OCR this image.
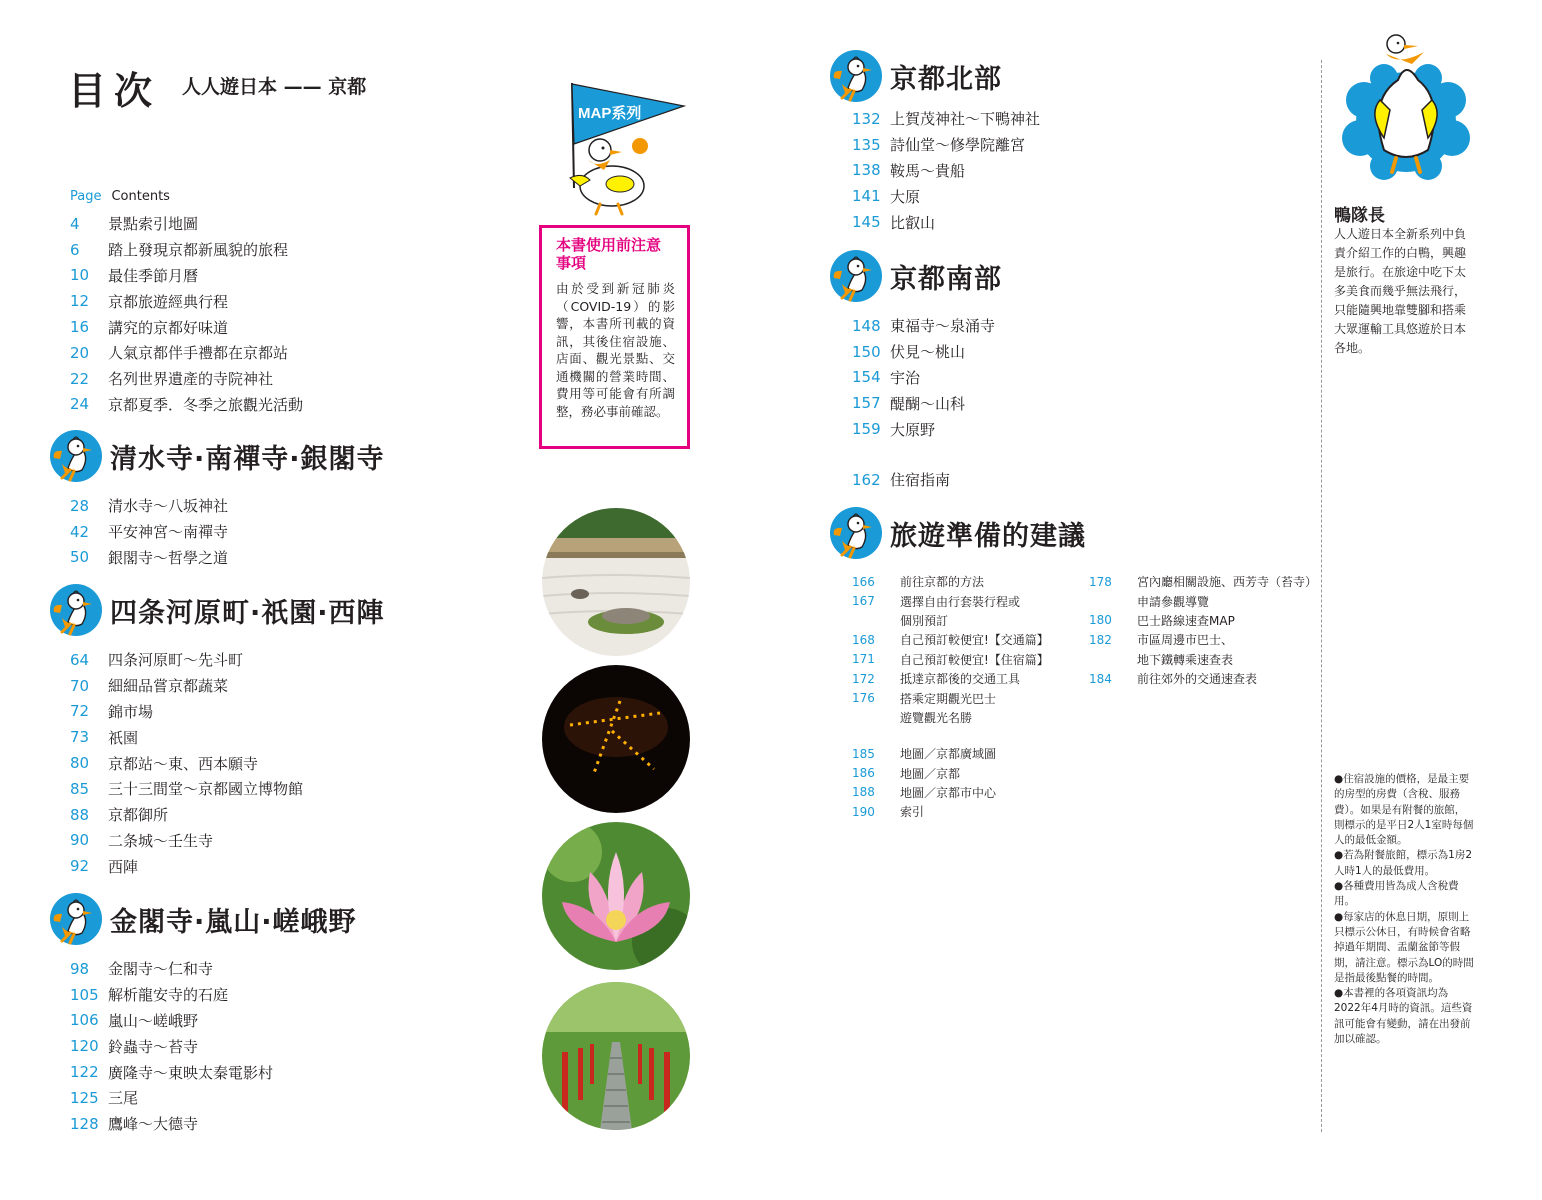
目次 人人遊日本 —— 京都
Page Contents
4	景點索引地圖
6	踏上發現京都新風貌的旅程
10	最佳季節月曆
12	京都旅遊經典行程
16	講究的京都好味道
20	人氣京都伴手禮都在京都站
22	名列世界遺產的寺院神社
24	京都夏季．冬季之旅觀光活動
清水寺·南禪寺·銀閣寺
28	清水寺～八坂神社
42	平安神宮～南禪寺
50	銀閣寺～哲學之道
四条河原町·祇園·西陣
64	四条河原町～先斗町
70	細細品嘗京都蔬菜
72	錦市場
73	祇園
80	京都站～東、西本願寺
85	三十三間堂～京都國立博物館
88	京都御所
90	二条城～壬生寺
92	西陣
金閣寺·嵐山·嵯峨野
98	金閣寺～仁和寺
105 解析龍安寺的石庭
106 嵐山～嵯峨野
120 鈴蟲寺～苔寺
122 廣隆寺～東映太秦電影村
125 三尾
128 鷹峰～大德寺
MAP系列
本書使用前注意事項
由於受到新冠肺炎（COVID-19）的影響，本書所刊載的資訊，其後住宿設施、店面、觀光景點、交通機關的營業時間、費用等可能會有所調整，務必事前確認。
京都北部
132 上賀茂神社～下鴨神社
135 詩仙堂～修學院離宮
138 鞍馬～貴船
141 大原
145 比叡山
京都南部
148 東福寺～泉涌寺
150 伏見～桃山
154 宇治
157 醍醐～山科
159 大原野
162 住宿指南
旅遊準備的建議
166	前往京都的方法
167	選擇自由行套裝行程或
個別預訂
168	自己預訂較便宜!【交通篇】
171	自己預訂較便宜!【住宿篇】
172	抵達京都後的交通工具
176	搭乘定期觀光巴士
遊覽觀光名勝
178	宮內廳相關設施、西芳寺（苔寺）
申請參觀導覽
180	巴士路線速查MAP
182	市區周邊市巴士、
地下鐵轉乘速查表
184	前往郊外的交通速查表
185	地圖／京都廣域圖
186	地圖／京都
188	地圖／京都市中心
190	索引
鴨隊長
人人遊日本全新系列中負責介紹工作的白鴨，興趣是旅行。在旅途中吃下太多美食而幾乎無法飛行，只能隨興地靠雙腳和搭乘大眾運輸工具悠遊於日本各地。

●住宿設施的價格，是最主要的房型的房費（含稅、服務費）。如果是有附餐的旅館，則標示的是平日2人1室時每個人的最低金額。

●若為附餐旅館，標示為1房2人時1人的最低費用。

●各種費用皆為成人含稅費用。

●每家店的休息日期，原則上只標示公休日，有時候會省略掉過年期間、盂蘭盆節等假期，請注意。標示為LO的時間是指最後點餐的時間。

●本書裡的各項資訊均為2022年4月時的資訊。這些資訊可能會有變動，請在出發前加以確認。
